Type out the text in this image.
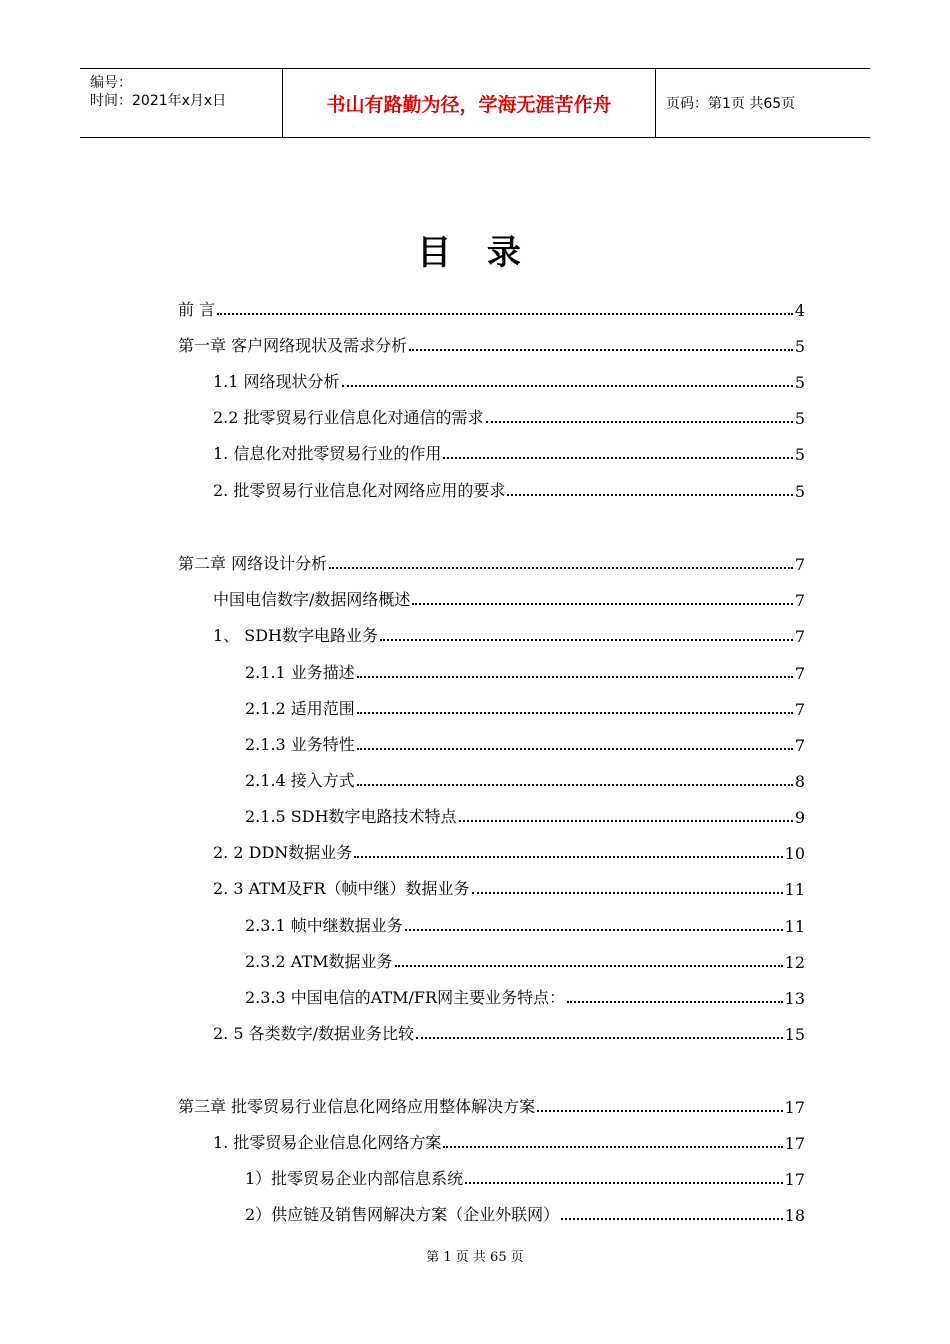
编号：
时间：2021年x月x日	书山有路勤为径，学海无涯苦作舟	页码：第1页 共65页
目 录
前 言	4
第一章 客户网络现状及需求分析	5
1.1 网络现状分析	5
2.2 批零贸易行业信息化对通信的需求	5
1. 信息化对批零贸易行业的作用	5
2. 批零贸易行业信息化对网络应用的要求	5
第二章 网络设计分析	7
中国电信数字/数据网络概述	7
1、 SDH数字电路业务	7
2.1.1 业务描述	7
2.1.2 适用范围	7
2.1.3 业务特性	7
2.1.4 接入方式	8
2.1.5 SDH数字电路技术特点	9
2. 2 DDN数据业务	10
2. 3 ATM及FR（帧中继）数据业务	11
2.3.1 帧中继数据业务	11
2.3.2 ATM数据业务	12
2.3.3 中国电信的ATM/FR网主要业务特点：	13
2. 5 各类数字/数据业务比较	15
第三章 批零贸易行业信息化网络应用整体解决方案	17
1. 批零贸易企业信息化网络方案	17
1）批零贸易企业内部信息系统	17
2）供应链及销售网解决方案（企业外联网）	18
第 1 页 共 65 页
